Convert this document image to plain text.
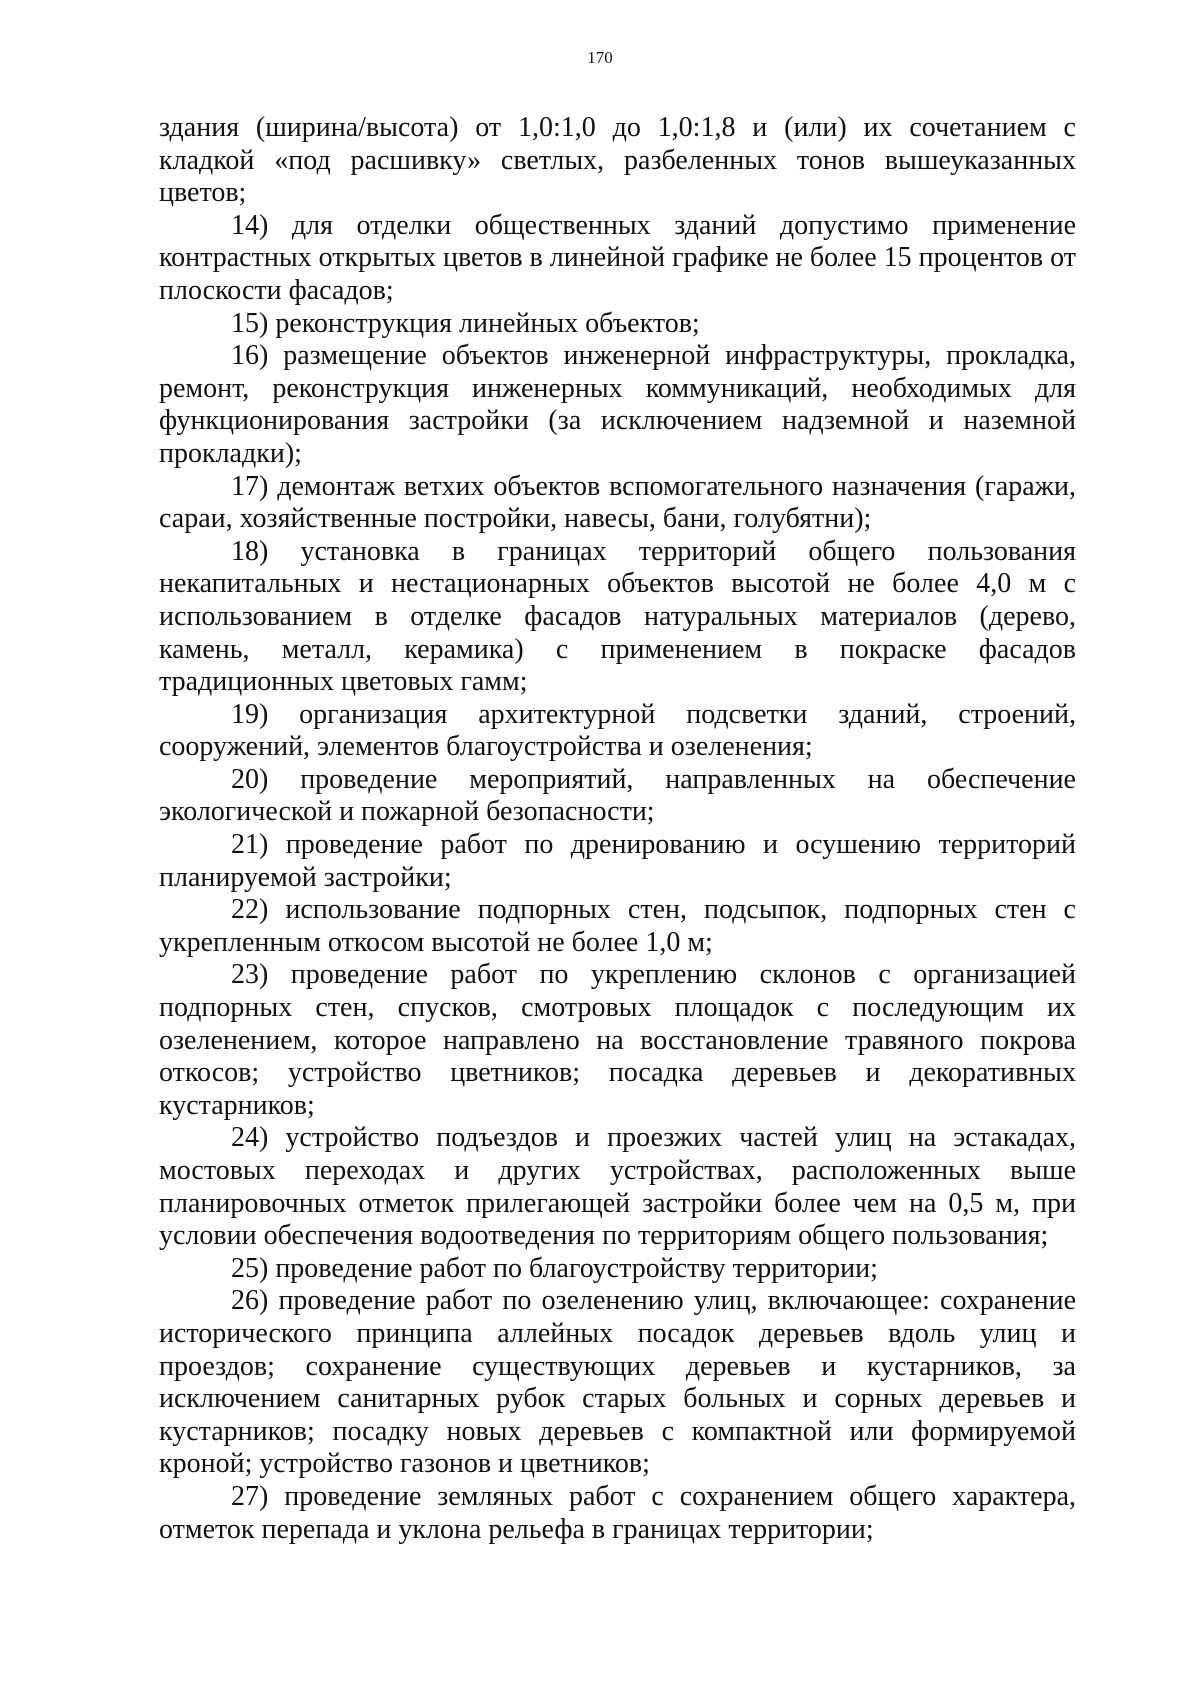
170

здания (ширина/высота) от 1,0:1,0 до 1,0:1,8 и (или) их сочетанием с кладкой «под расшивку» светлых, разбеленных тонов вышеуказанных цветов;

14) для отделки общественных зданий допустимо применение контрастных открытых цветов в линейной графике не более 15 процентов от плоскости фасадов;

15) реконструкция линейных объектов;

16) размещение объектов инженерной инфраструктуры, прокладка, ремонт, реконструкция инженерных коммуникаций, необходимых для функционирования застройки (за исключением надземной и наземной прокладки);

17) демонтаж ветхих объектов вспомогательного назначения (гаражи, сараи, хозяйственные постройки, навесы, бани, голубятни);

18) установка в границах территорий общего пользования некапитальных и нестационарных объектов высотой не более 4,0 м с использованием в отделке фасадов натуральных материалов (дерево, камень, металл, керамика) с применением в покраске фасадов традиционных цветовых гамм;

19) организация архитектурной подсветки зданий, строений, сооружений, элементов благоустройства и озеленения;

20) проведение мероприятий, направленных на обеспечение экологической и пожарной безопасности;

21) проведение работ по дренированию и осушению территорий планируемой застройки;

22) использование подпорных стен, подсыпок, подпорных стен с укрепленным откосом высотой не более 1,0 м;

23) проведение работ по укреплению склонов с организацией подпорных стен, спусков, смотровых площадок с последующим их озеленением, которое направлено на восстановление травяного покрова откосов; устройство цветников; посадка деревьев и декоративных кустарников;

24) устройство подъездов и проезжих частей улиц на эстакадах, мостовых переходах и других устройствах, расположенных выше планировочных отметок прилегающей застройки более чем на 0,5 м, при условии обеспечения водоотведения по территориям общего пользования;

25) проведение работ по благоустройству территории;

26) проведение работ по озеленению улиц, включающее: сохранение исторического принципа аллейных посадок деревьев вдоль улиц и проездов; сохранение существующих деревьев и кустарников, за исключением санитарных рубок старых больных и сорных деревьев и кустарников; посадку новых деревьев с компактной или формируемой кроной; устройство газонов и цветников;

27) проведение земляных работ с сохранением общего характера, отметок перепада и уклона рельефа в границах территории;
